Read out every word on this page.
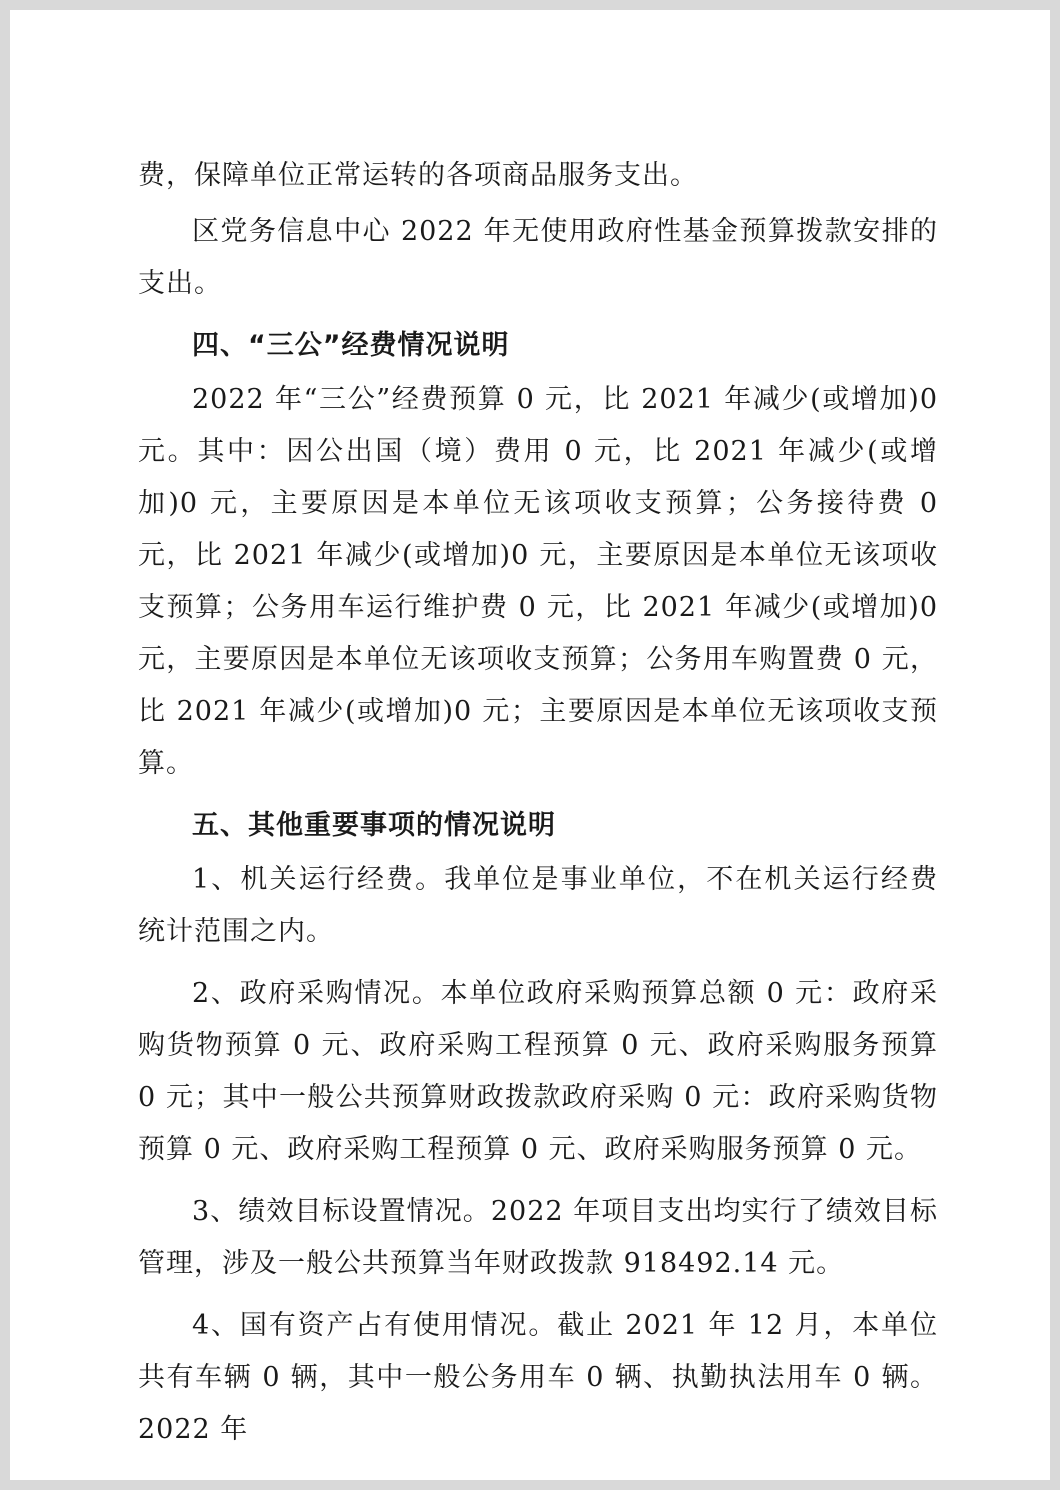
费，保障单位正常运转的各项商品服务支出。

区党务信息中心 2022 年无使用政府性基金预算拨款安排的支出。

四、“三公”经费情况说明

2022 年“三公”经费预算 0 元，比 2021 年减少(或增加)0 元。其中：因公出国（境）费用 0 元，比 2021 年减少(或增加)0 元，主要原因是本单位无该项收支预算；公务接待费 0 元，比 2021 年减少(或增加)0 元，主要原因是本单位无该项收支预算；公务用车运行维护费 0 元，比 2021 年减少(或增加)0 元，主要原因是本单位无该项收支预算；公务用车购置费 0 元，比 2021 年减少(或增加)0 元；主要原因是本单位无该项收支预算。

五、其他重要事项的情况说明

1、机关运行经费。我单位是事业单位，不在机关运行经费统计范围之内。

2、政府采购情况。本单位政府采购预算总额 0 元：政府采购货物预算 0 元、政府采购工程预算 0 元、政府采购服务预算 0 元；其中一般公共预算财政拨款政府采购 0 元：政府采购货物预算 0 元、政府采购工程预算 0 元、政府采购服务预算 0 元。

3、绩效目标设置情况。2022 年项目支出均实行了绩效目标管理，涉及一般公共预算当年财政拨款 918492.14 元。

4、国有资产占有使用情况。截止 2021 年 12 月，本单位共有车辆 0 辆，其中一般公务用车 0 辆、执勤执法用车 0 辆。2022 年
